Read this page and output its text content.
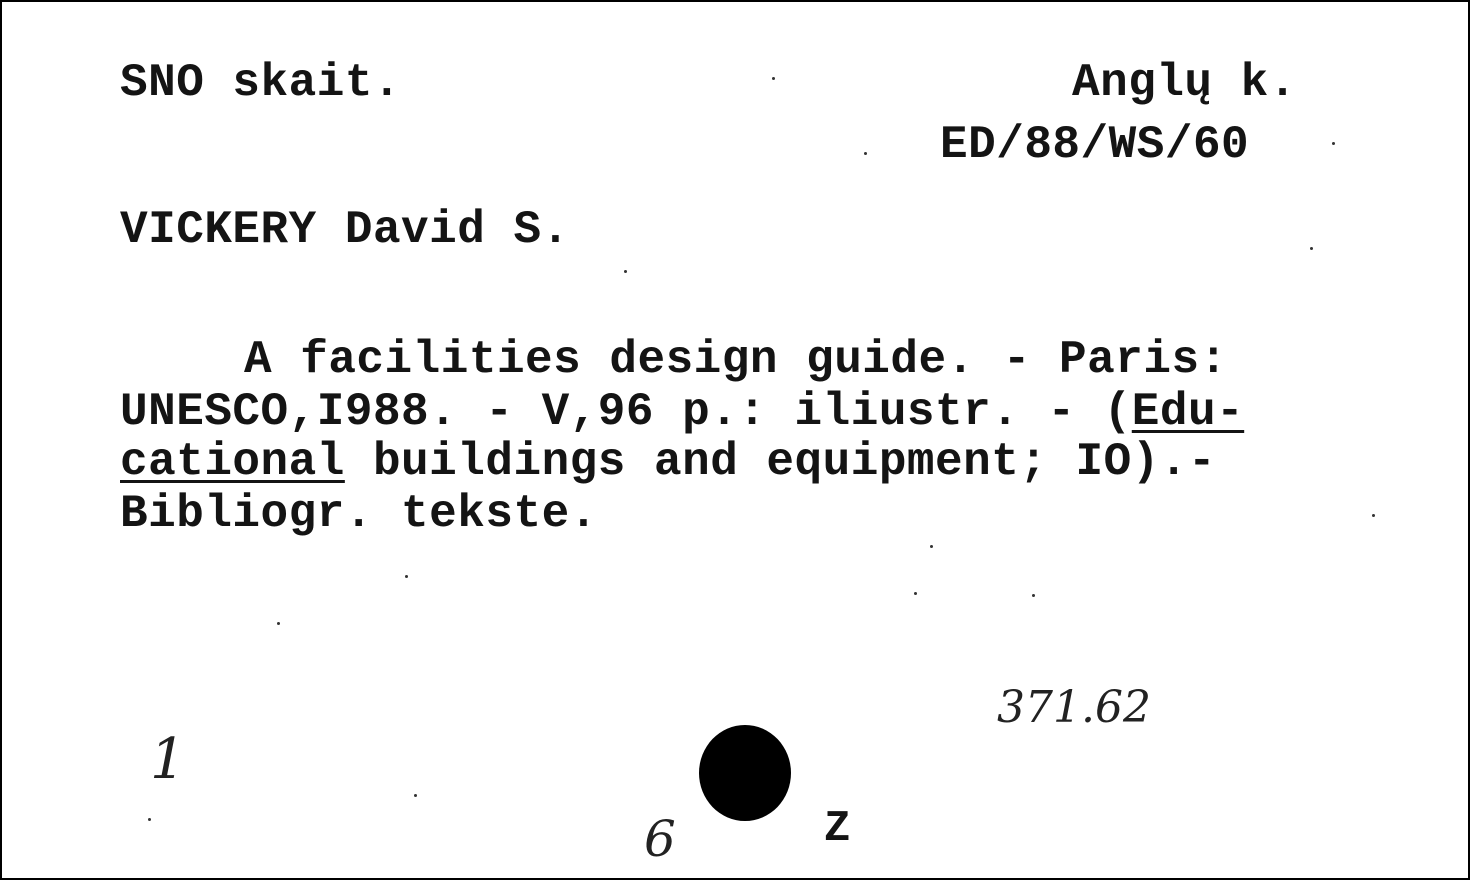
SNO skait.	Anglų k.
ED/88/WS/60
VICKERY David S.
A facilities design guide. - Paris:
UNESCO,I988. - V,96 p.: iliustr. - (Edu-
cational buildings and equipment; IO).-
Bibliogr. tekste.
371.62
1
6	Z
